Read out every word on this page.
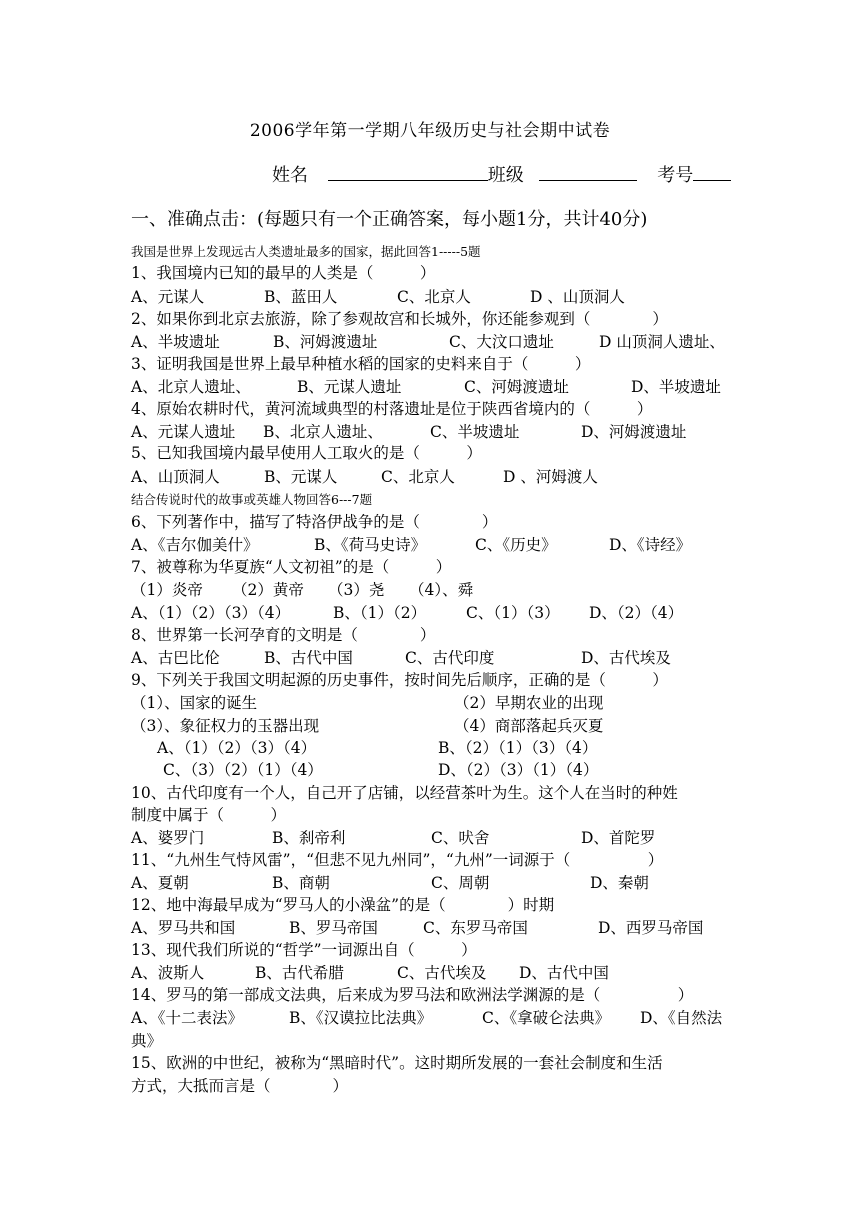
2006学年第一学期八年级历史与社会期中试卷
姓名	班级	考号
一、准确点击：(每题只有一个正确答案，每小题1分，共计40分)
我国是世界上发现远古人类遗址最多的国家，据此回答1-----5题
1、我国境内已知的最早的人类是（　　　）
A、元谋人	B、蓝田人	C、北京人	D 、山顶洞人
2、如果你到北京去旅游，除了参观故宫和长城外，你还能参观到（　　　　）
A、半坡遗址	B、河姆渡遗址	C、大汶口遗址	D 山顶洞人遗址、
3、证明我国是世界上最早种植水稻的国家的史料来自于（　　　）
A、北京人遗址、	B、元谋人遗址	C、河姆渡遗址	D、半坡遗址
4、原始农耕时代，黄河流域典型的村落遗址是位于陕西省境内的（　　　）
A、元谋人遗址 B、北京人遗址、	C、半坡遗址	D、河姆渡遗址
5、已知我国境内最早使用人工取火的是（　　　）
A、山顶洞人	B、元谋人	C、北京人	D 、河姆渡人
结合传说时代的故事或英雄人物回答6---7题
6、下列著作中，描写了特洛伊战争的是（　　　　）
A、《吉尔伽美什》	B、《荷马史诗》	C、《历史》	D、《诗经》
7、被尊称为华夏族“人文初祖”的是（　　　）
（1）炎帝 （2）黄帝 （3）尧 （4）、舜
A、（1）（2）（3）（4）	B、（1）（2）	C、（1）（3） D、（2）（4）
8、世界第一长河孕育的文明是（　　　　）
A、古巴比伦	B、古代中国	C、古代印度	D、古代埃及
9、下列关于我国文明起源的历史事件，按时间先后顺序，正确的是（　　　）
（1）、国家的诞生	（2）早期农业的出现
（3）、象征权力的玉器出现	（4）商部落起兵灭夏
A、（1）（2）（3）（4）	B、（2）（1）（3）（4）
C、（3）（2）（1）（4）	D、（2）（3）（1）（4）
10、古代印度有一个人，自己开了店铺，以经营茶叶为生。这个人在当时的种姓
制度中属于（　　　）
A、婆罗门	B、刹帝利	C、吠舍	D、首陀罗
11、“九州生气恃风雷”，“但悲不见九州同”，“九州”一词源于（　　　　　）
A、夏朝	B、商朝	C、周朝	D、秦朝
12、地中海最早成为“罗马人的小澡盆”的是（　　　　）时期
A、罗马共和国	B、罗马帝国	C、东罗马帝国	D、西罗马帝国
13、现代我们所说的“哲学”一词源出自（　　　）
A、波斯人	B、古代希腊	C、古代埃及 D、古代中国
14、罗马的第一部成文法典，后来成为罗马法和欧洲法学渊源的是（　　　　　）
A、《十二表法》	B、《汉谟拉比法典》	C、《拿破仑法典》 D、《自然法
典》
15、欧洲的中世纪，被称为“黑暗时代”。这时期所发展的一套社会制度和生活
方式，大抵而言是（　　　　）
